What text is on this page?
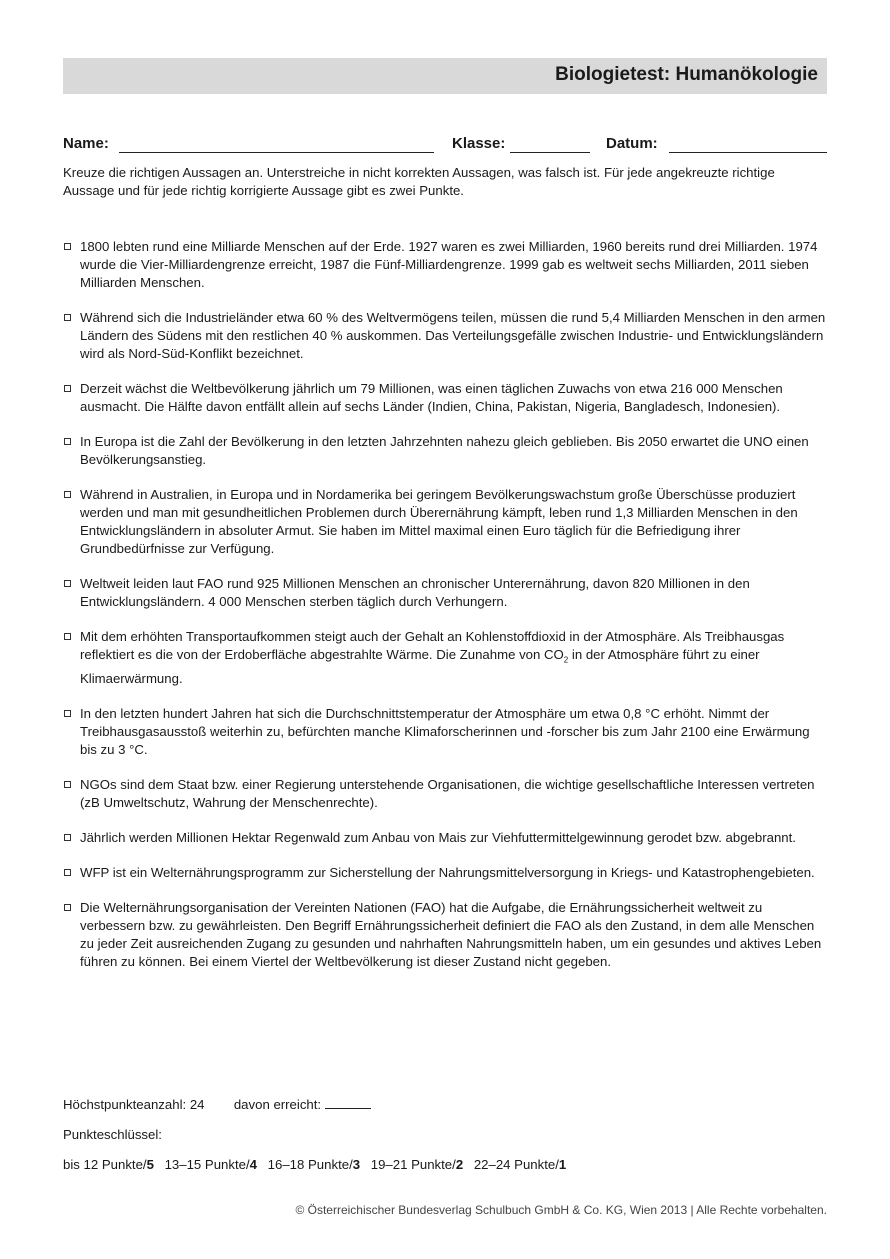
Biologietest: Humanökologie
Name:	Klasse:	Datum:
Kreuze die richtigen Aussagen an. Unterstreiche in nicht korrekten Aussagen, was falsch ist. Für jede angekreuzte richtige Aussage und für jede richtig korrigierte Aussage gibt es zwei Punkte.
1800 lebten rund eine Milliarde Menschen auf der Erde. 1927 waren es zwei Milliarden, 1960 bereits rund drei Milliarden. 1974 wurde die Vier-Milliardengrenze erreicht, 1987 die Fünf-Milliardengrenze. 1999 gab es weltweit sechs Milliarden, 2011 sieben Milliarden Menschen.
Während sich die Industrieländer etwa 60 % des Weltvermögens teilen, müssen die rund 5,4 Milliarden Menschen in den armen Ländern des Südens mit den restlichen 40 % auskommen. Das Verteilungsgefälle zwischen Industrie- und Entwicklungsländern wird als Nord-Süd-Konflikt bezeichnet.
Derzeit wächst die Weltbevölkerung jährlich um 79 Millionen, was einen täglichen Zuwachs von etwa 216 000 Menschen ausmacht. Die Hälfte davon entfällt allein auf sechs Länder (Indien, China, Pakistan, Nigeria, Bangladesch, Indonesien).
In Europa ist die Zahl der Bevölkerung in den letzten Jahrzehnten nahezu gleich geblieben. Bis 2050 erwartet die UNO einen Bevölkerungsanstieg.
Während in Australien, in Europa und in Nordamerika bei geringem Bevölkerungswachstum große Überschüsse produziert werden und man mit gesundheitlichen Problemen durch Überernährung kämpft, leben rund 1,3 Milliarden Menschen in den Entwicklungsländern in absoluter Armut. Sie haben im Mittel maximal einen Euro täglich für die Befriedigung ihrer Grundbedürfnisse zur Verfügung.
Weltweit leiden laut FAO rund 925 Millionen Menschen an chronischer Unterernährung, davon 820 Millionen in den Entwicklungsländern. 4 000 Menschen sterben täglich durch Verhungern.
Mit dem erhöhten Transportaufkommen steigt auch der Gehalt an Kohlenstoffdioxid in der Atmosphäre. Als Treibhausgas reflektiert es die von der Erdoberfläche abgestrahlte Wärme. Die Zunahme von $CO_2$ in der Atmosphäre führt zu einer Klimaerwärmung.
In den letzten hundert Jahren hat sich die Durchschnittstemperatur der Atmosphäre um etwa 0,8 °C erhöht. Nimmt der Treibhausgasausstoß weiterhin zu, befürchten manche Klimaforscherinnen und -forscher bis zum Jahr 2100 eine Erwärmung bis zu 3 °C.
NGOs sind dem Staat bzw. einer Regierung unterstehende Organisationen, die wichtige gesellschaftliche Interessen vertreten (zB Umweltschutz, Wahrung der Menschenrechte).
Jährlich werden Millionen Hektar Regenwald zum Anbau von Mais zur Viehfuttermittelgewinnung gerodet bzw. abgebrannt.
WFP ist ein Welternährungsprogramm zur Sicherstellung der Nahrungsmittelversorgung in Kriegs- und Katastrophengebieten.
Die Welternährungsorganisation der Vereinten Nationen (FAO) hat die Aufgabe, die Ernährungssicherheit weltweit zu verbessern bzw. zu gewährleisten. Den Begriff Ernährungssicherheit definiert die FAO als den Zustand, in dem alle Menschen zu jeder Zeit ausreichenden Zugang zu gesunden und nahrhaften Nahrungsmitteln haben, um ein gesundes und aktives Leben führen zu können. Bei einem Viertel der Weltbevölkerung ist dieser Zustand nicht gegeben.
Höchstpunkteanzahl: 24 davon erreicht:
Punkteschlüssel:
bis 12 Punkte/5 13–15 Punkte/4 16–18 Punkte/3 19–21 Punkte/2 22–24 Punkte/1
© Österreichischer Bundesverlag Schulbuch GmbH & Co. KG, Wien 2013 | Alle Rechte vorbehalten.
